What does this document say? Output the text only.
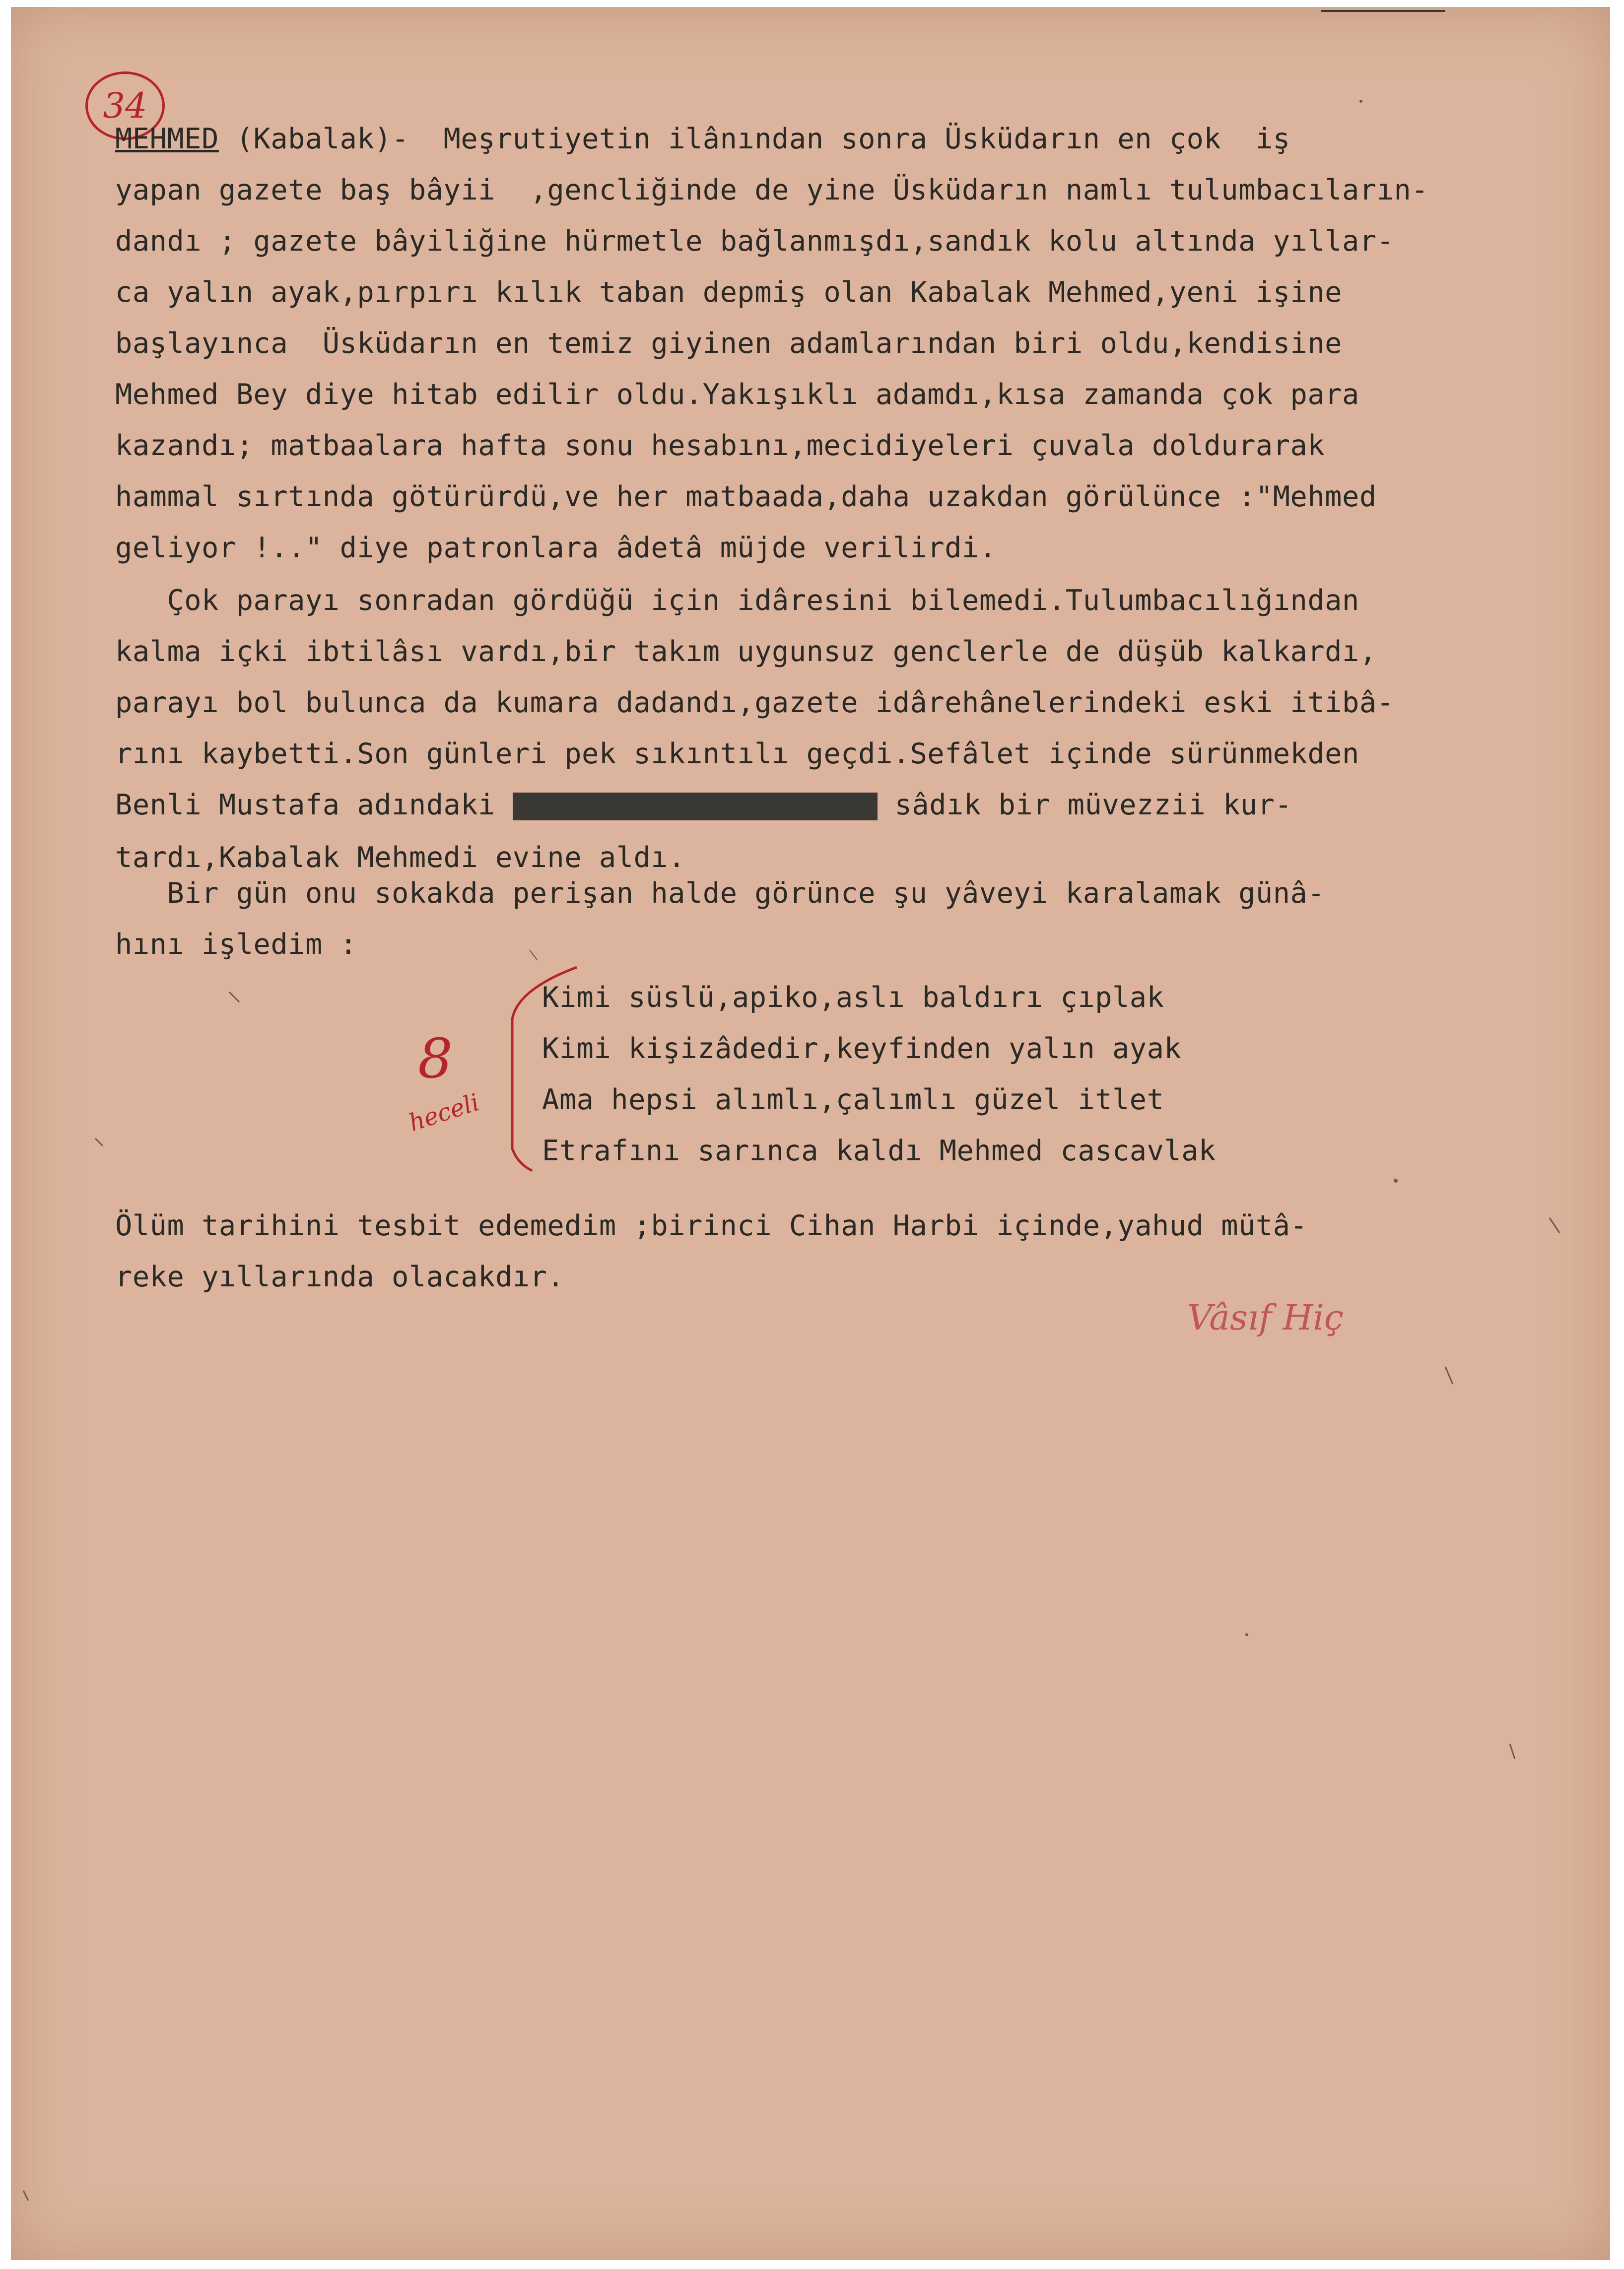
34
MEHMED (Kabalak)-  Meşrutiyetin ilânından sonra Üsküdarın en çok  iş
yapan gazete baş bâyii  ,gencliğinde de yine Üsküdarın namlı tulumbacıların-
dandı ; gazete bâyiliğine hürmetle bağlanmışdı,sandık kolu altında yıllar-
ca yalın ayak,pırpırı kılık taban depmiş olan Kabalak Mehmed,yeni işine
başlayınca  Üsküdarın en temiz giyinen adamlarından biri oldu,kendisine
Mehmed Bey diye hitab edilir oldu.Yakışıklı adamdı,kısa zamanda çok para
kazandı; matbaalara hafta sonu hesabını,mecidiyeleri çuvala doldurarak
hammal sırtında götürürdü,ve her matbaada,daha uzakdan görülünce :"Mehmed
geliyor !.." diye patronlara âdetâ müjde verilirdi.
Çok parayı sonradan gördüğü için idâresini bilemedi.Tulumbacılığından
kalma içki ibtilâsı vardı,bir takım uygunsuz genclerle de düşüb kalkardı,
parayı bol bulunca da kumara dadandı,gazete idârehânelerindeki eski itibâ-
rını kaybetti.Son günleri pek sıkıntılı geçdi.Sefâlet içinde sürünmekden
Benli Mustafa adındaki müvezzimuşmakoğlubunundam sâdık bir müvezzii kur-
tardı,Kabalak Mehmedi evine aldı.
Bir gün onu sokakda perişan halde görünce şu yâveyi karalamak günâ-
hını işledim :
8
heceli
Kimi süslü,apiko,aslı baldırı çıplak
Kimi kişizâdedir,keyfinden yalın ayak
Ama hepsi alımlı,çalımlı güzel itlet
Etrafını sarınca kaldı Mehmed cascavlak
Ölüm tarihini tesbit edemedim ;birinci Cihan Harbi içinde,yahud mütâ-
reke yıllarında olacakdır.
Vâsıf Hiç
